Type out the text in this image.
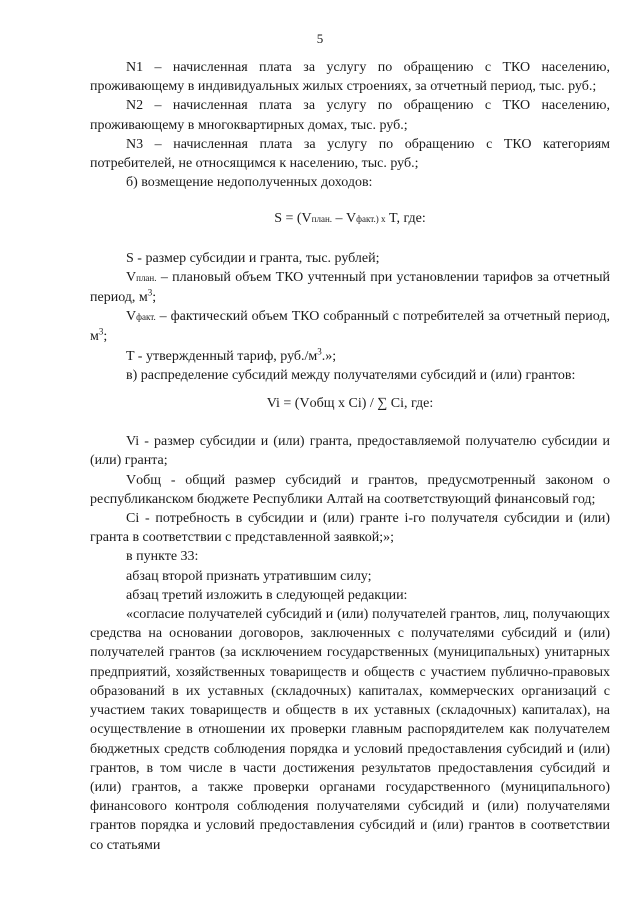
5

N1 – начисленная плата за услугу по обращению с ТКО населению, проживающему в индивидуальных жилых строениях, за отчетный период, тыс. руб.;

N2 – начисленная плата за услугу по обращению с ТКО населению, проживающему в многоквартирных домах, тыс. руб.;

N3 – начисленная плата за услугу по обращению с ТКО категориям потребителей, не относящимся к населению, тыс. руб.;

б) возмещение недополученных доходов:

S = (Vплан. – Vфакт.) х T, где:

S - размер субсидии и гранта, тыс. рублей;

Vплан. – плановый объем ТКО учтенный при установлении тарифов за отчетный период, $м^3$;

Vфакт. – фактический объем ТКО собранный с потребителей за отчетный период, $м^3$;

T - утвержденный тариф, $руб./м^3$.»;

в) распределение субсидий между получателями субсидий и (или) грантов:

Vi = (Vобщ x Ci) / ∑ Ci, где:

Vi - размер субсидии и (или) гранта, предоставляемой получателю субсидии и (или) гранта;

Vобщ - общий размер субсидий и грантов, предусмотренный законом о республиканском бюджете Республики Алтай на соответствующий финансовый год;

Ci - потребность в субсидии и (или) гранте i-го получателя субсидии и (или) гранта в соответствии с представленной заявкой;»;

в пункте 33:

абзац второй признать утратившим силу;

абзац третий изложить в следующей редакции:

«согласие получателей субсидий и (или) получателей грантов, лиц, получающих средства на основании договоров, заключенных с получателями субсидий и (или) получателей грантов (за исключением государственных (муниципальных) унитарных предприятий, хозяйственных товариществ и обществ с участием публично-правовых образований в их уставных (складочных) капиталах, коммерческих организаций с участием таких товариществ и обществ в их уставных (складочных) капиталах), на осуществление в отношении их проверки главным распорядителем как получателем бюджетных средств соблюдения порядка и условий предоставления субсидий и (или) грантов, в том числе в части достижения результатов предоставления субсидий и (или) грантов, а также проверки органами государственного (муниципального) финансового контроля соблюдения получателями субсидий и (или) получателями грантов порядка и условий предоставления субсидий и (или) грантов в соответствии со статьями
